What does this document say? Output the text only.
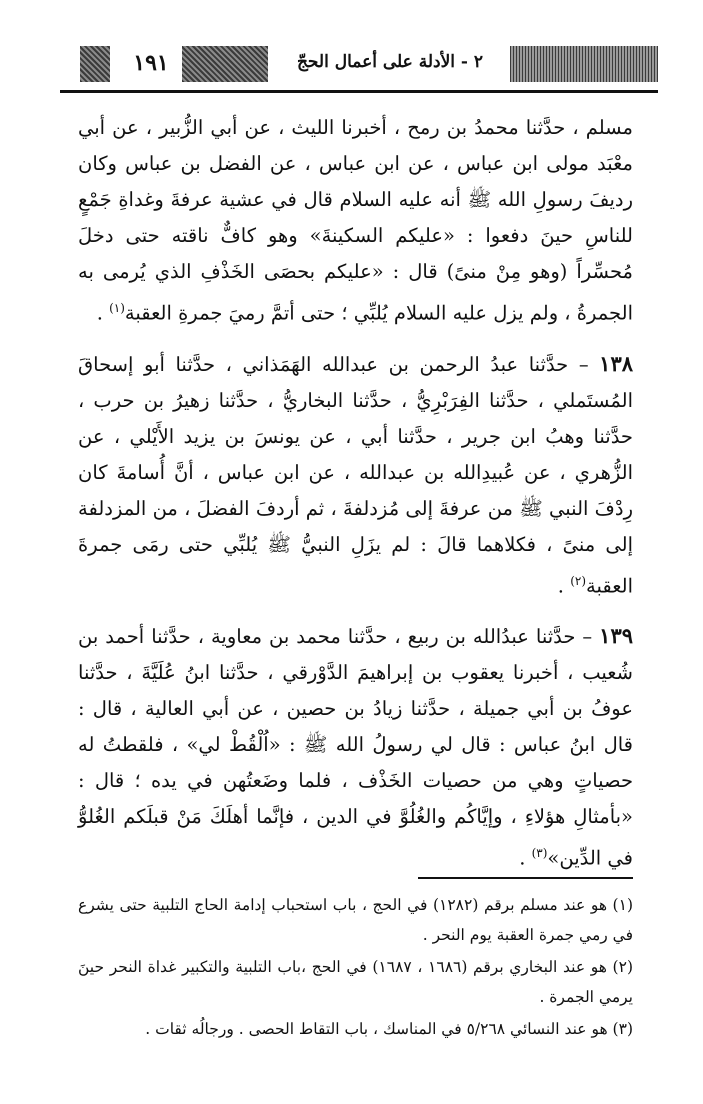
١٩١	٢ - الأدلة على أعمال الحجّ

مسلم ، حدَّثنا محمدُ بن رمح ، أخبرنا الليث ، عن أبي الزُّبير ، عن أبي معْبَد مولى ابن عباس ، عن ابن عباس ، عن الفضل بن عباس وكان رديفَ رسولِ الله ﷺ أنه عليه السلام قال في عشية عرفةَ وغداةِ جَمْعٍ للناسِ حينَ دفعوا : «عليكم السكينةَ» وهو كافٌّ ناقته حتى دخلَ مُحسِّراً (وهو مِنْ منىً) قال : «عليكم بحصَى الخَذْفِ الذي يُرمى به الجمرةُ ، ولم يزل عليه السلام يُلبِّي ؛ حتى أتمَّ رميَ جمرةِ العقبة$^{(١)}$ .

١٣٨ – حدَّثنا عبدُ الرحمن بن عبدالله الهَمَذاني ، حدَّثنا أبو إسحاقَ المُستَملي ، حدَّثنا الفِرَبْرِيُّ ، حدَّثنا البخاريُّ ، حدَّثنا زهيرُ بن حرب ، حدَّثنا وهبُ ابن جرير ، حدَّثنا أبي ، عن يونسَ بن يزيد الأَيْلي ، عن الزُّهري ، عن عُبيدِالله بن عبدالله ، عن ابن عباس ، أنَّ أُسامةَ كان رِدْفَ النبي ﷺ من عرفةَ إلى مُزدلفةَ ، ثم أردفَ الفضلَ ، من المزدلفة إلى منىً ، فكلاهما قالَ : لم يزَلِ النبيُّ ﷺ يُلبِّي حتى رمَى جمرةَ العقبة$^{(٢)}$ .

١٣٩ – حدَّثنا عبدُالله بن ربيع ، حدَّثنا محمد بن معاوية ، حدَّثنا أحمد بن شُعيب ، أخبرنا يعقوب بن إبراهيمَ الدَّوْرقي ، حدَّثنا ابنُ عُلَيَّةَ ، حدَّثنا عوفُ بن أبي جميلة ، حدَّثنا زيادُ بن حصين ، عن أبي العالية ، قال : قال ابنُ عباس : قال لي رسولُ الله ﷺ : «اُلْقُطْ لي» ، فلقطتُ له حصياتٍ وهي من حصيات الخَذْف ، فلما وضَعتُهن في يده ؛ قال : «بأمثالِ هؤلاءِ ، وإيَّاكُم والغُلُوَّ في الدين ، فإنَّما أهلَكَ مَنْ قبلَكم الغُلوُّ في الدِّين»$^{(٣)}$ .

(١) هو عند مسلم برقم (١٢٨٢) في الحج ، باب استحباب إدامة الحاج التلبية حتى يشرع في رمي جمرة العقبة يوم النحر .

(٢) هو عند البخاري برقم (١٦٨٦ ، ١٦٨٧) في الحج ،باب التلبية والتكبير غداة النحر حينَ يرمي الجمرة .

(٣) هو عند النسائي ٥/٢٦٨ في المناسك ، باب التقاط الحصى . ورجالُه ثقات .
